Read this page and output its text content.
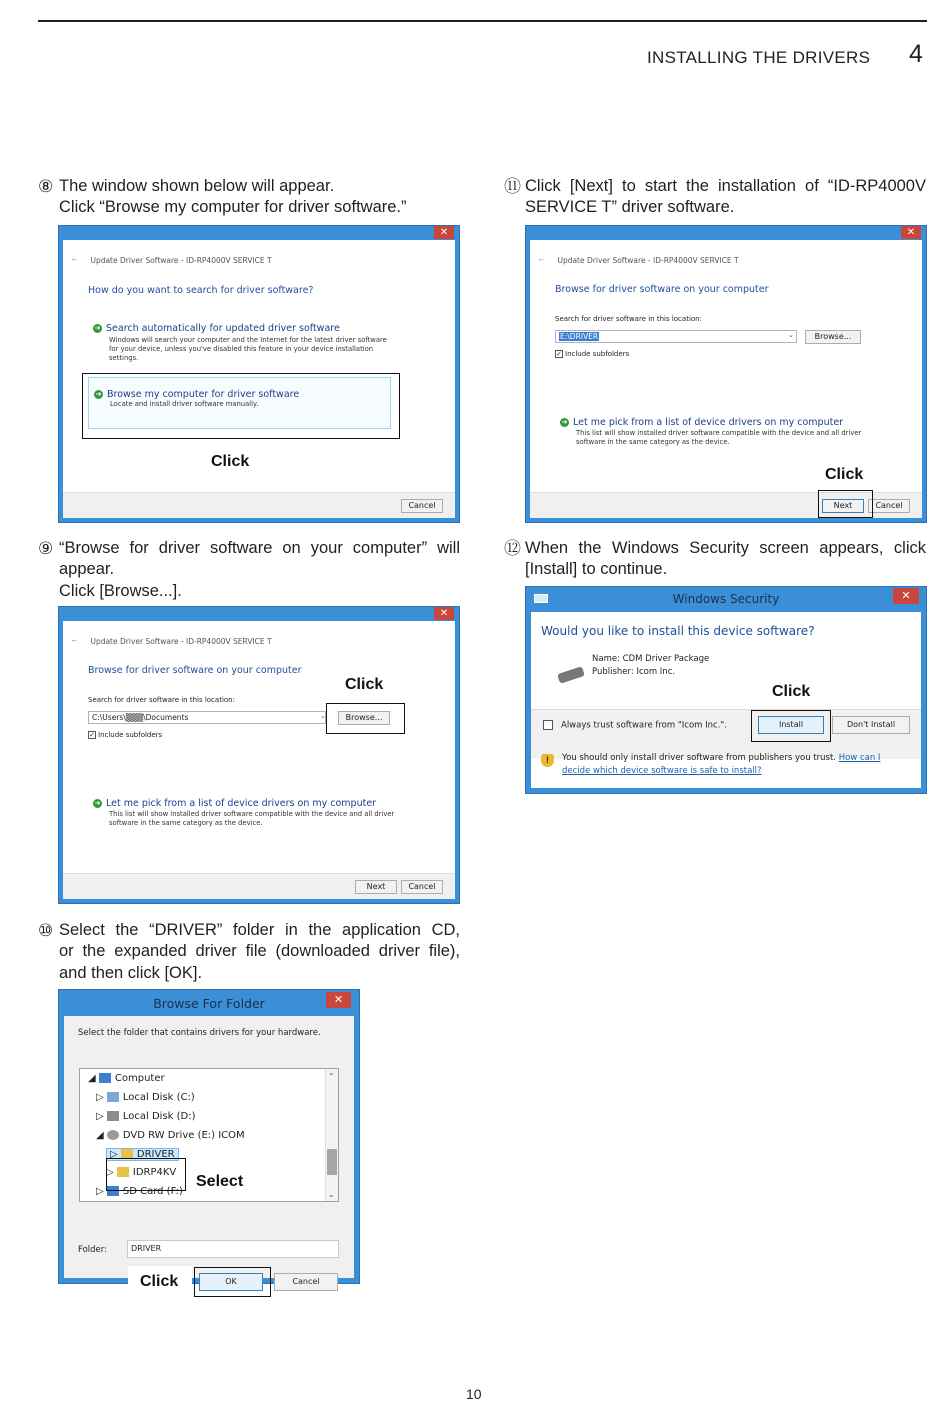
INSTALLING THE DRIVERS 4
⑧ The window shown below will appear.
Click “Browse my computer for driver software.”
✕
← Update Driver Software - ID-RP4000V SERVICE T
How do you want to search for driver software?
➜ Search automatically for updated driver software
Windows will search your computer and the Internet for the latest driver software
for your device, unless you've disabled this feature in your device installation
settings.
➜ Browse my computer for driver software
Locate and install driver software manually.
Cancel
Click
⑨ “Browse for driver software on your computer” will
appear.
Click [Browse...].
✕
← Update Driver Software - ID-RP4000V SERVICE T
Browse for driver software on your computer
Search for driver software in this location:
C:\Users\▒▒▒\Documents	⌄	Browse...
✓ Include subfolders
➜ Let me pick from a list of device drivers on my computer
This list will show installed driver software compatible with the device and all driver
software in the same category as the device.
Next	Cancel
Click
⑩ Select the “DRIVER” folder in the application CD,
or the expanded driver file (downloaded driver file),
and then click [OK].
Browse For Folder	✕
Select the folder that contains drivers for your hardware.
◢ Computer
▷ Local Disk (C:)
▷ Local Disk (D:)
◢ DVD RW Drive (E:) ICOM
▷ DRIVER
▷ IDRP4KV
▷ SD Card (F:)
⌃
⌄
Select
Folder:	DRIVER
Click	OK	Cancel
⑪ Click [Next] to start the installation of “ID-RP4000V
SERVICE T” driver software.
✕
← Update Driver Software - ID-RP4000V SERVICE T
Browse for driver software on your computer
Search for driver software in this location:
E:\DRIVER	⌄	Browse...
✓ Include subfolders
➜ Let me pick from a list of device drivers on my computer
This list will show installed driver software compatible with the device and all driver
software in the same category as the device.
Next	Cancel
Click
⑫ When the Windows Security screen appears, click
[Install] to continue.
Windows Security	✕
Would you like to install this device software?
Name: CDM Driver Package
Publisher: Icom Inc.
Always trust software from "Icom Inc.".	Install	Don't Install
!	You should only install driver software from publishers you trust. How can I
decide which device software is safe to install?
Click
10
